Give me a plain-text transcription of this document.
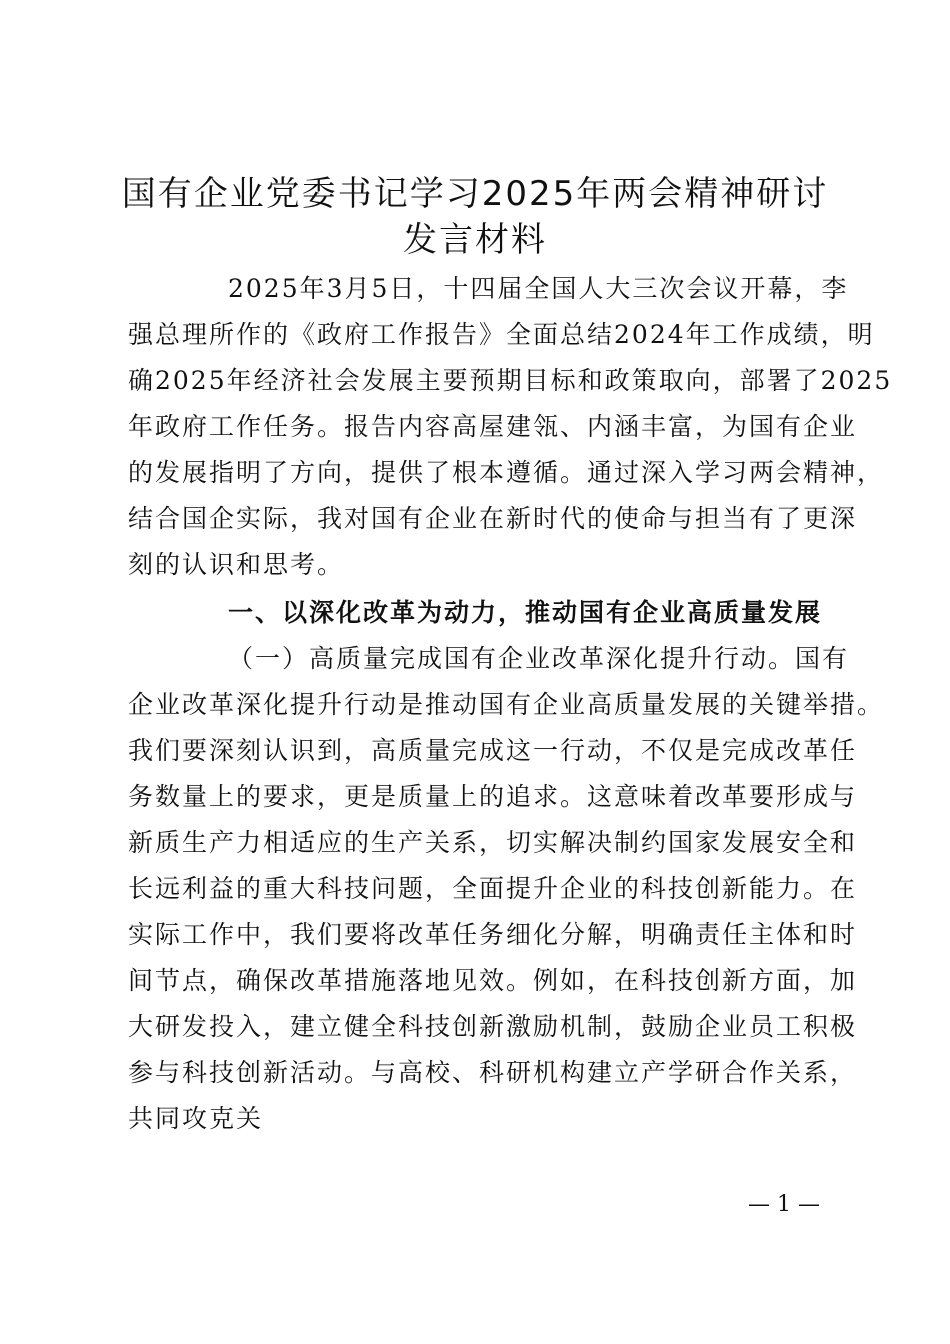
国有企业党委书记学习2025年两会精神研讨
发言材料
2025年3月5日，十四届全国人大三次会议开幕，李
强总理所作的《政府工作报告》全面总结2024年工作成绩，明
确2025年经济社会发展主要预期目标和政策取向，部署了2025
年政府工作任务。报告内容高屋建瓴、内涵丰富，为国有企业
的发展指明了方向，提供了根本遵循。通过深入学习两会精神，
结合国企实际，我对国有企业在新时代的使命与担当有了更深
刻的认识和思考。
一、以深化改革为动力，推动国有企业高质量发展
（一）高质量完成国有企业改革深化提升行动。国有
企业改革深化提升行动是推动国有企业高质量发展的关键举措。
我们要深刻认识到，高质量完成这一行动，不仅是完成改革任
务数量上的要求，更是质量上的追求。这意味着改革要形成与
新质生产力相适应的生产关系，切实解决制约国家发展安全和
长远利益的重大科技问题，全面提升企业的科技创新能力。在
实际工作中，我们要将改革任务细化分解，明确责任主体和时
间节点，确保改革措施落地见效。例如，在科技创新方面，加
大研发投入，建立健全科技创新激励机制，鼓励企业员工积极
参与科技创新活动。与高校、科研机构建立产学研合作关系，
共同攻克关
— 1 —
